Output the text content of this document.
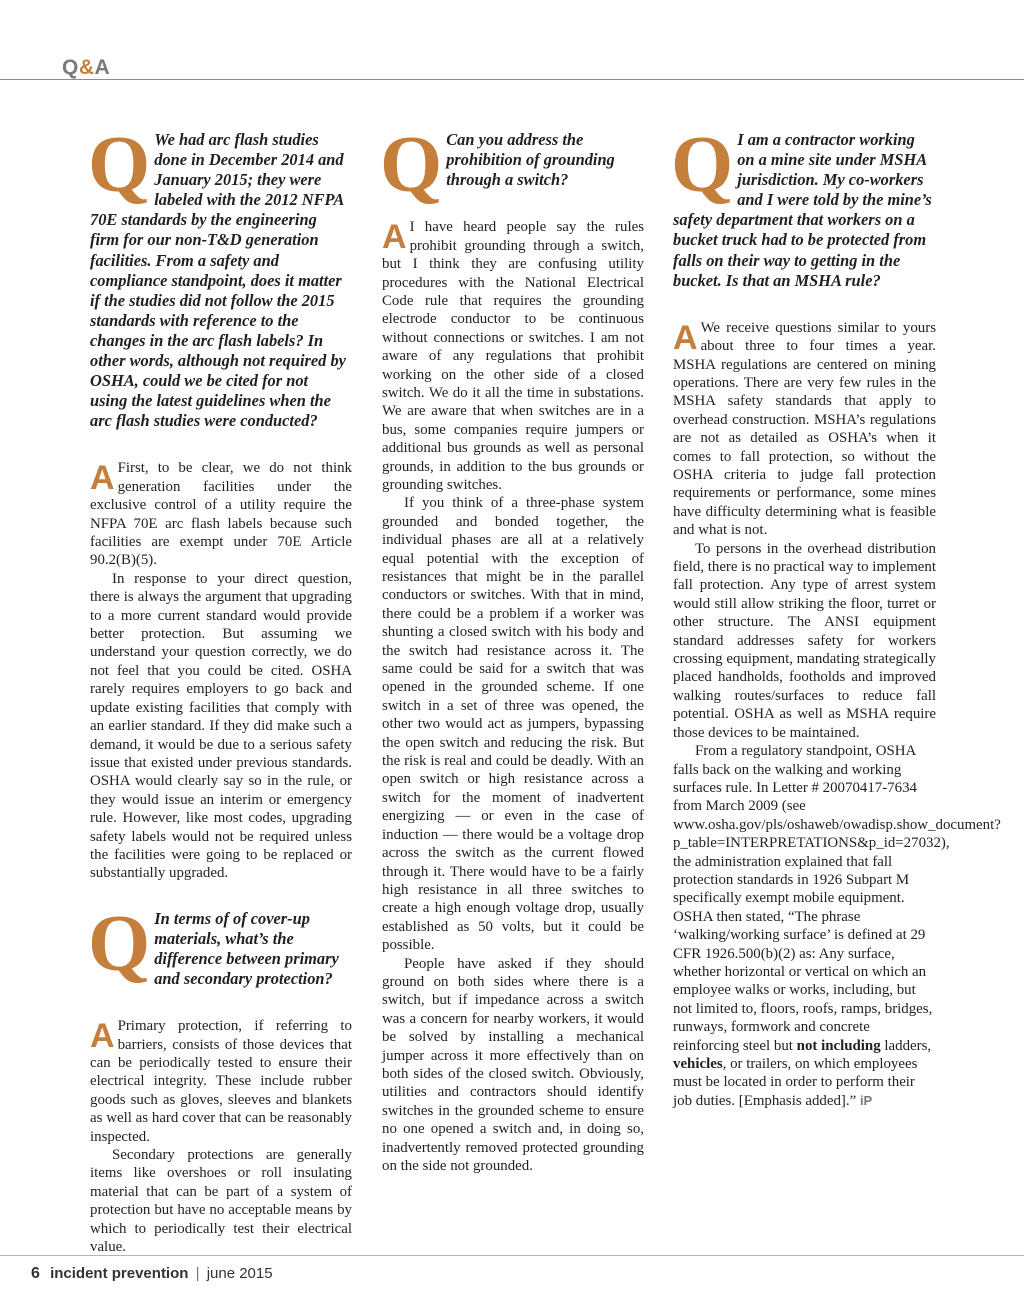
Q&A
Q We had arc flash studies done in December 2014 and January 2015; they were labeled with the 2012 NFPA 70E standards by the engineering firm for our non-T&D generation facilities. From a safety and compliance standpoint, does it matter if the studies did not follow the 2015 standards with reference to the changes in the arc flash labels? In other words, although not required by OSHA, could we be cited for not using the latest guidelines when the arc flash studies were conducted?

A First, to be clear, we do not think generation facilities under the exclusive control of a utility require the NFPA 70E arc flash labels because such facilities are exempt under 70E Article 90.2(B)(5).

In response to your direct question, there is always the argument that upgrading to a more current standard would provide better protection. But assuming we understand your question correctly, we do not feel that you could be cited. OSHA rarely requires employers to go back and update existing facilities that comply with an earlier standard. If they did make such a demand, it would be due to a serious safety issue that existed under previous standards. OSHA would clearly say so in the rule, or they would issue an interim or emergency rule. However, like most codes, upgrading safety labels would not be required unless the facilities were going to be replaced or substantially upgraded.

Q In terms of of cover-up materials, what’s the difference between primary and secondary protection?

A Primary protection, if referring to barriers, consists of those devices that can be periodically tested to ensure their electrical integrity. These include rubber goods such as gloves, sleeves and blankets as well as hard cover that can be reasonably inspected.

Secondary protections are generally items like overshoes or roll insulating material that can be part of a system of protection but have no acceptable means by which to periodically test their electrical value.

Q Can you address the prohibition of grounding through a switch?

A I have heard people say the rules prohibit grounding through a switch, but I think they are confusing utility procedures with the National Electrical Code rule that requires the grounding electrode conductor to be continuous without connections or switches. I am not aware of any regulations that prohibit working on the other side of a closed switch. We do it all the time in substations. We are aware that when switches are in a bus, some companies require jumpers or additional bus grounds as well as personal grounds, in addition to the bus grounds or grounding switches.

If you think of a three-phase system grounded and bonded together, the individual phases are all at a relatively equal potential with the exception of resistances that might be in the parallel conductors or switches. With that in mind, there could be a problem if a worker was shunting a closed switch with his body and the switch had resistance across it. The same could be said for a switch that was opened in the grounded scheme. If one switch in a set of three was opened, the other two would act as jumpers, bypassing the open switch and reducing the risk. But the risk is real and could be deadly. With an open switch or high resistance across a switch for the moment of inadvertent energizing — or even in the case of induction — there would be a voltage drop across the switch as the current flowed through it. There would have to be a fairly high resistance in all three switches to create a high enough voltage drop, usually established as 50 volts, but it could be possible.

People have asked if they should ground on both sides where there is a switch, but if impedance across a switch was a concern for nearby workers, it would be solved by installing a mechanical jumper across it more effectively than on both sides of the closed switch. Obviously, utilities and contractors should identify switches in the grounded scheme to ensure no one opened a switch and, in doing so, inadvertently removed protected grounding on the side not grounded.

Q I am a contractor working on a mine site under MSHA jurisdiction. My co-workers and I were told by the mine’s safety department that workers on a bucket truck had to be protected from falls on their way to getting in the bucket. Is that an MSHA rule?

A We receive questions similar to yours about three to four times a year. MSHA regulations are centered on mining operations. There are very few rules in the MSHA safety standards that apply to overhead construction. MSHA’s regulations are not as detailed as OSHA’s when it comes to fall protection, so without the OSHA criteria to judge fall protection requirements or performance, some mines have difficulty determining what is feasible and what is not.

To persons in the overhead distribution field, there is no practical way to implement fall protection. Any type of arrest system would still allow striking the floor, turret or other structure. The ANSI equipment standard addresses safety for workers crossing equipment, mandating strategically placed handholds, footholds and improved walking routes/surfaces to reduce fall potential. OSHA as well as MSHA require those devices to be maintained.

From a regulatory standpoint, OSHA falls back on the walking and working surfaces rule. In Letter # 20070417-7634 from March 2009 (see www.osha.gov/pls/oshaweb/owadisp.show_document?p_table=INTERPRETATIONS&p_id=27032), the administration explained that fall protection standards in 1926 Subpart M specifically exempt mobile equipment. OSHA then stated, “The phrase ‘walking/working surface’ is defined at 29 CFR 1926.500(b)(2) as: Any surface, whether horizontal or vertical on which an employee walks or works, including, but not limited to, floors, roofs, ramps, bridges, runways, formwork and concrete reinforcing steel but not including ladders, vehicles, or trailers, on which employees must be located in order to perform their job duties. [Emphasis added].” iP

6 incident prevention | june 2015
